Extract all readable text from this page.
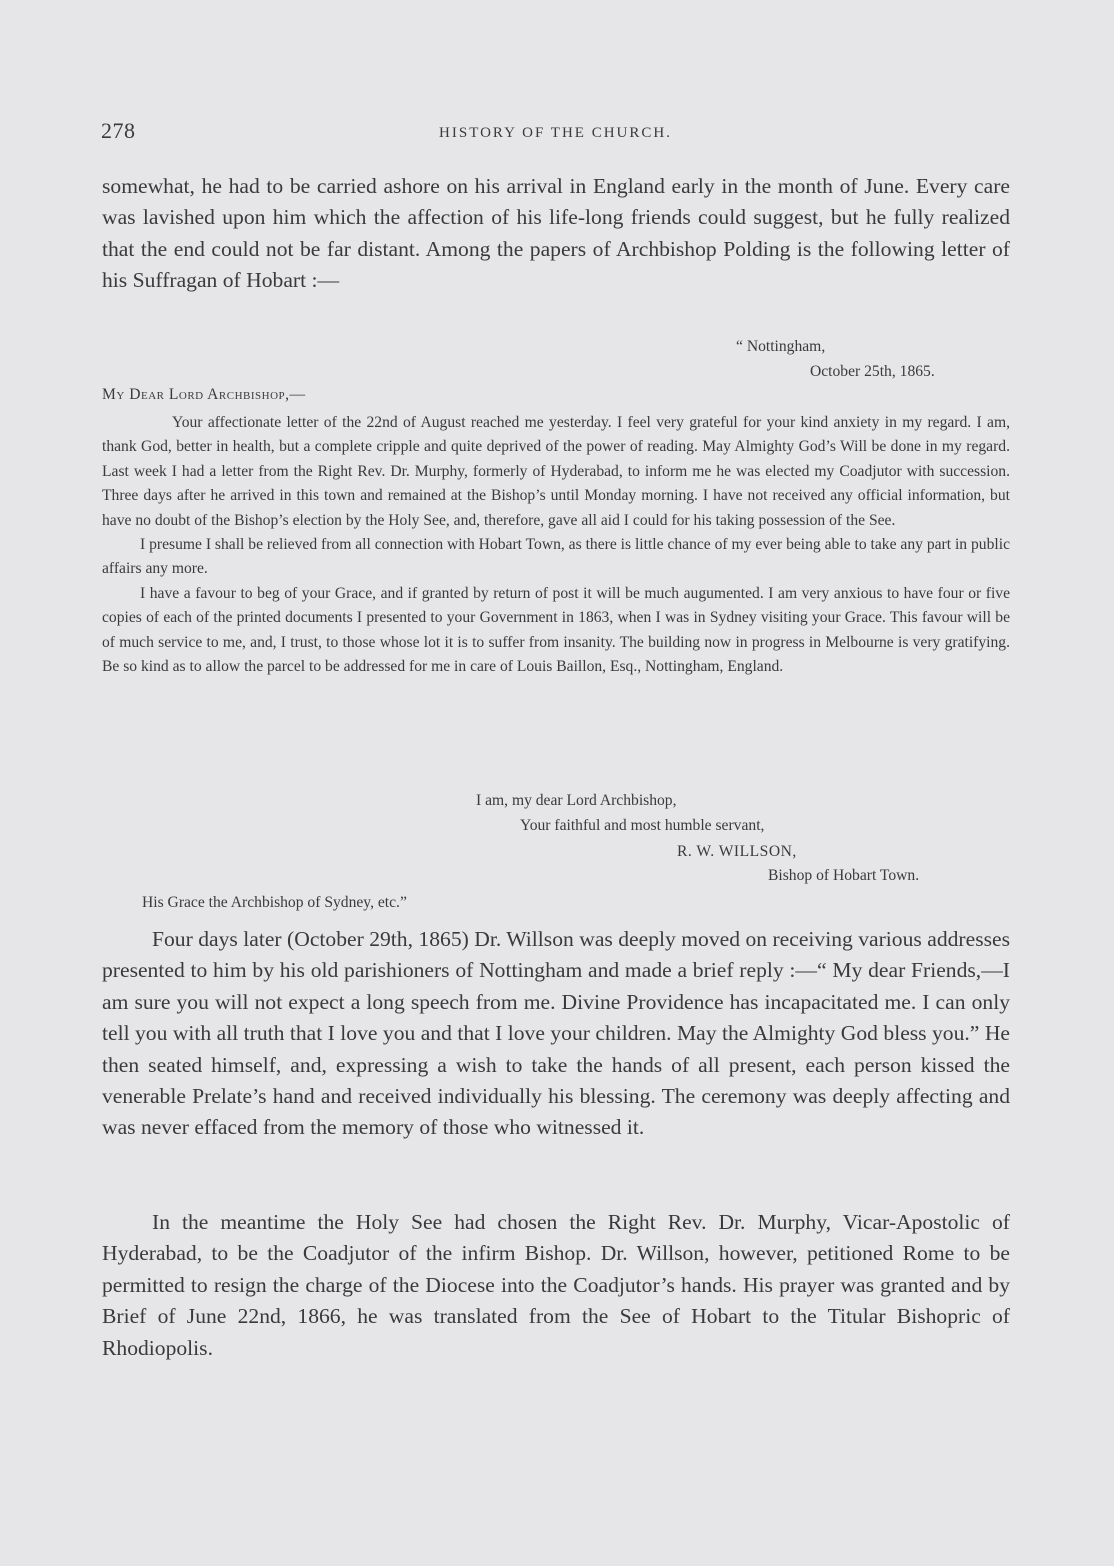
278	HISTORY OF THE CHURCH.

somewhat, he had to be carried ashore on his arrival in England early in the month of June. Every care was lavished upon him which the affection of his life-long friends could suggest, but he fully realized that the end could not be far distant. Among the papers of Archbishop Polding is the following letter of his Suffragan of Hobart :—

“ Nottingham,
October 25th, 1865.
My Dear Lord Archbishop,—

Your affectionate letter of the 22nd of August reached me yesterday. I feel very grateful for your kind anxiety in my regard. I am, thank God, better in health, but a complete cripple and quite deprived of the power of reading. May Almighty God’s Will be done in my regard. Last week I had a letter from the Right Rev. Dr. Murphy, formerly of Hyderabad, to inform me he was elected my Coadjutor with succession. Three days after he arrived in this town and remained at the Bishop’s until Monday morning. I have not received any official information, but have no doubt of the Bishop’s election by the Holy See, and, therefore, gave all aid I could for his taking possession of the See.

I presume I shall be relieved from all connection with Hobart Town, as there is little chance of my ever being able to take any part in public affairs any more.

I have a favour to beg of your Grace, and if granted by return of post it will be much augumented. I am very anxious to have four or five copies of each of the printed documents I presented to your Government in 1863, when I was in Sydney visiting your Grace. This favour will be of much service to me, and, I trust, to those whose lot it is to suffer from insanity. The building now in progress in Melbourne is very gratifying. Be so kind as to allow the parcel to be addressed for me in care of Louis Baillon, Esq., Nottingham, England.

I am, my dear Lord Archbishop,
Your faithful and most humble servant,
R. W. WILLSON,
Bishop of Hobart Town.
His Grace the Archbishop of Sydney, etc.”

Four days later (October 29th, 1865) Dr. Willson was deeply moved on receiving various addresses presented to him by his old parishioners of Nottingham and made a brief reply :—“ My dear Friends,—I am sure you will not expect a long speech from me. Divine Providence has incapacitated me. I can only tell you with all truth that I love you and that I love your children. May the Almighty God bless you.” He then seated himself, and, expressing a wish to take the hands of all present, each person kissed the venerable Prelate’s hand and received individually his blessing. The ceremony was deeply affecting and was never effaced from the memory of those who witnessed it.

In the meantime the Holy See had chosen the Right Rev. Dr. Murphy, Vicar-Apostolic of Hyderabad, to be the Coadjutor of the infirm Bishop. Dr. Willson, however, petitioned Rome to be permitted to resign the charge of the Diocese into the Coadjutor’s hands. His prayer was granted and by Brief of June 22nd, 1866, he was translated from the See of Hobart to the Titular Bishopric of Rhodiopolis.
